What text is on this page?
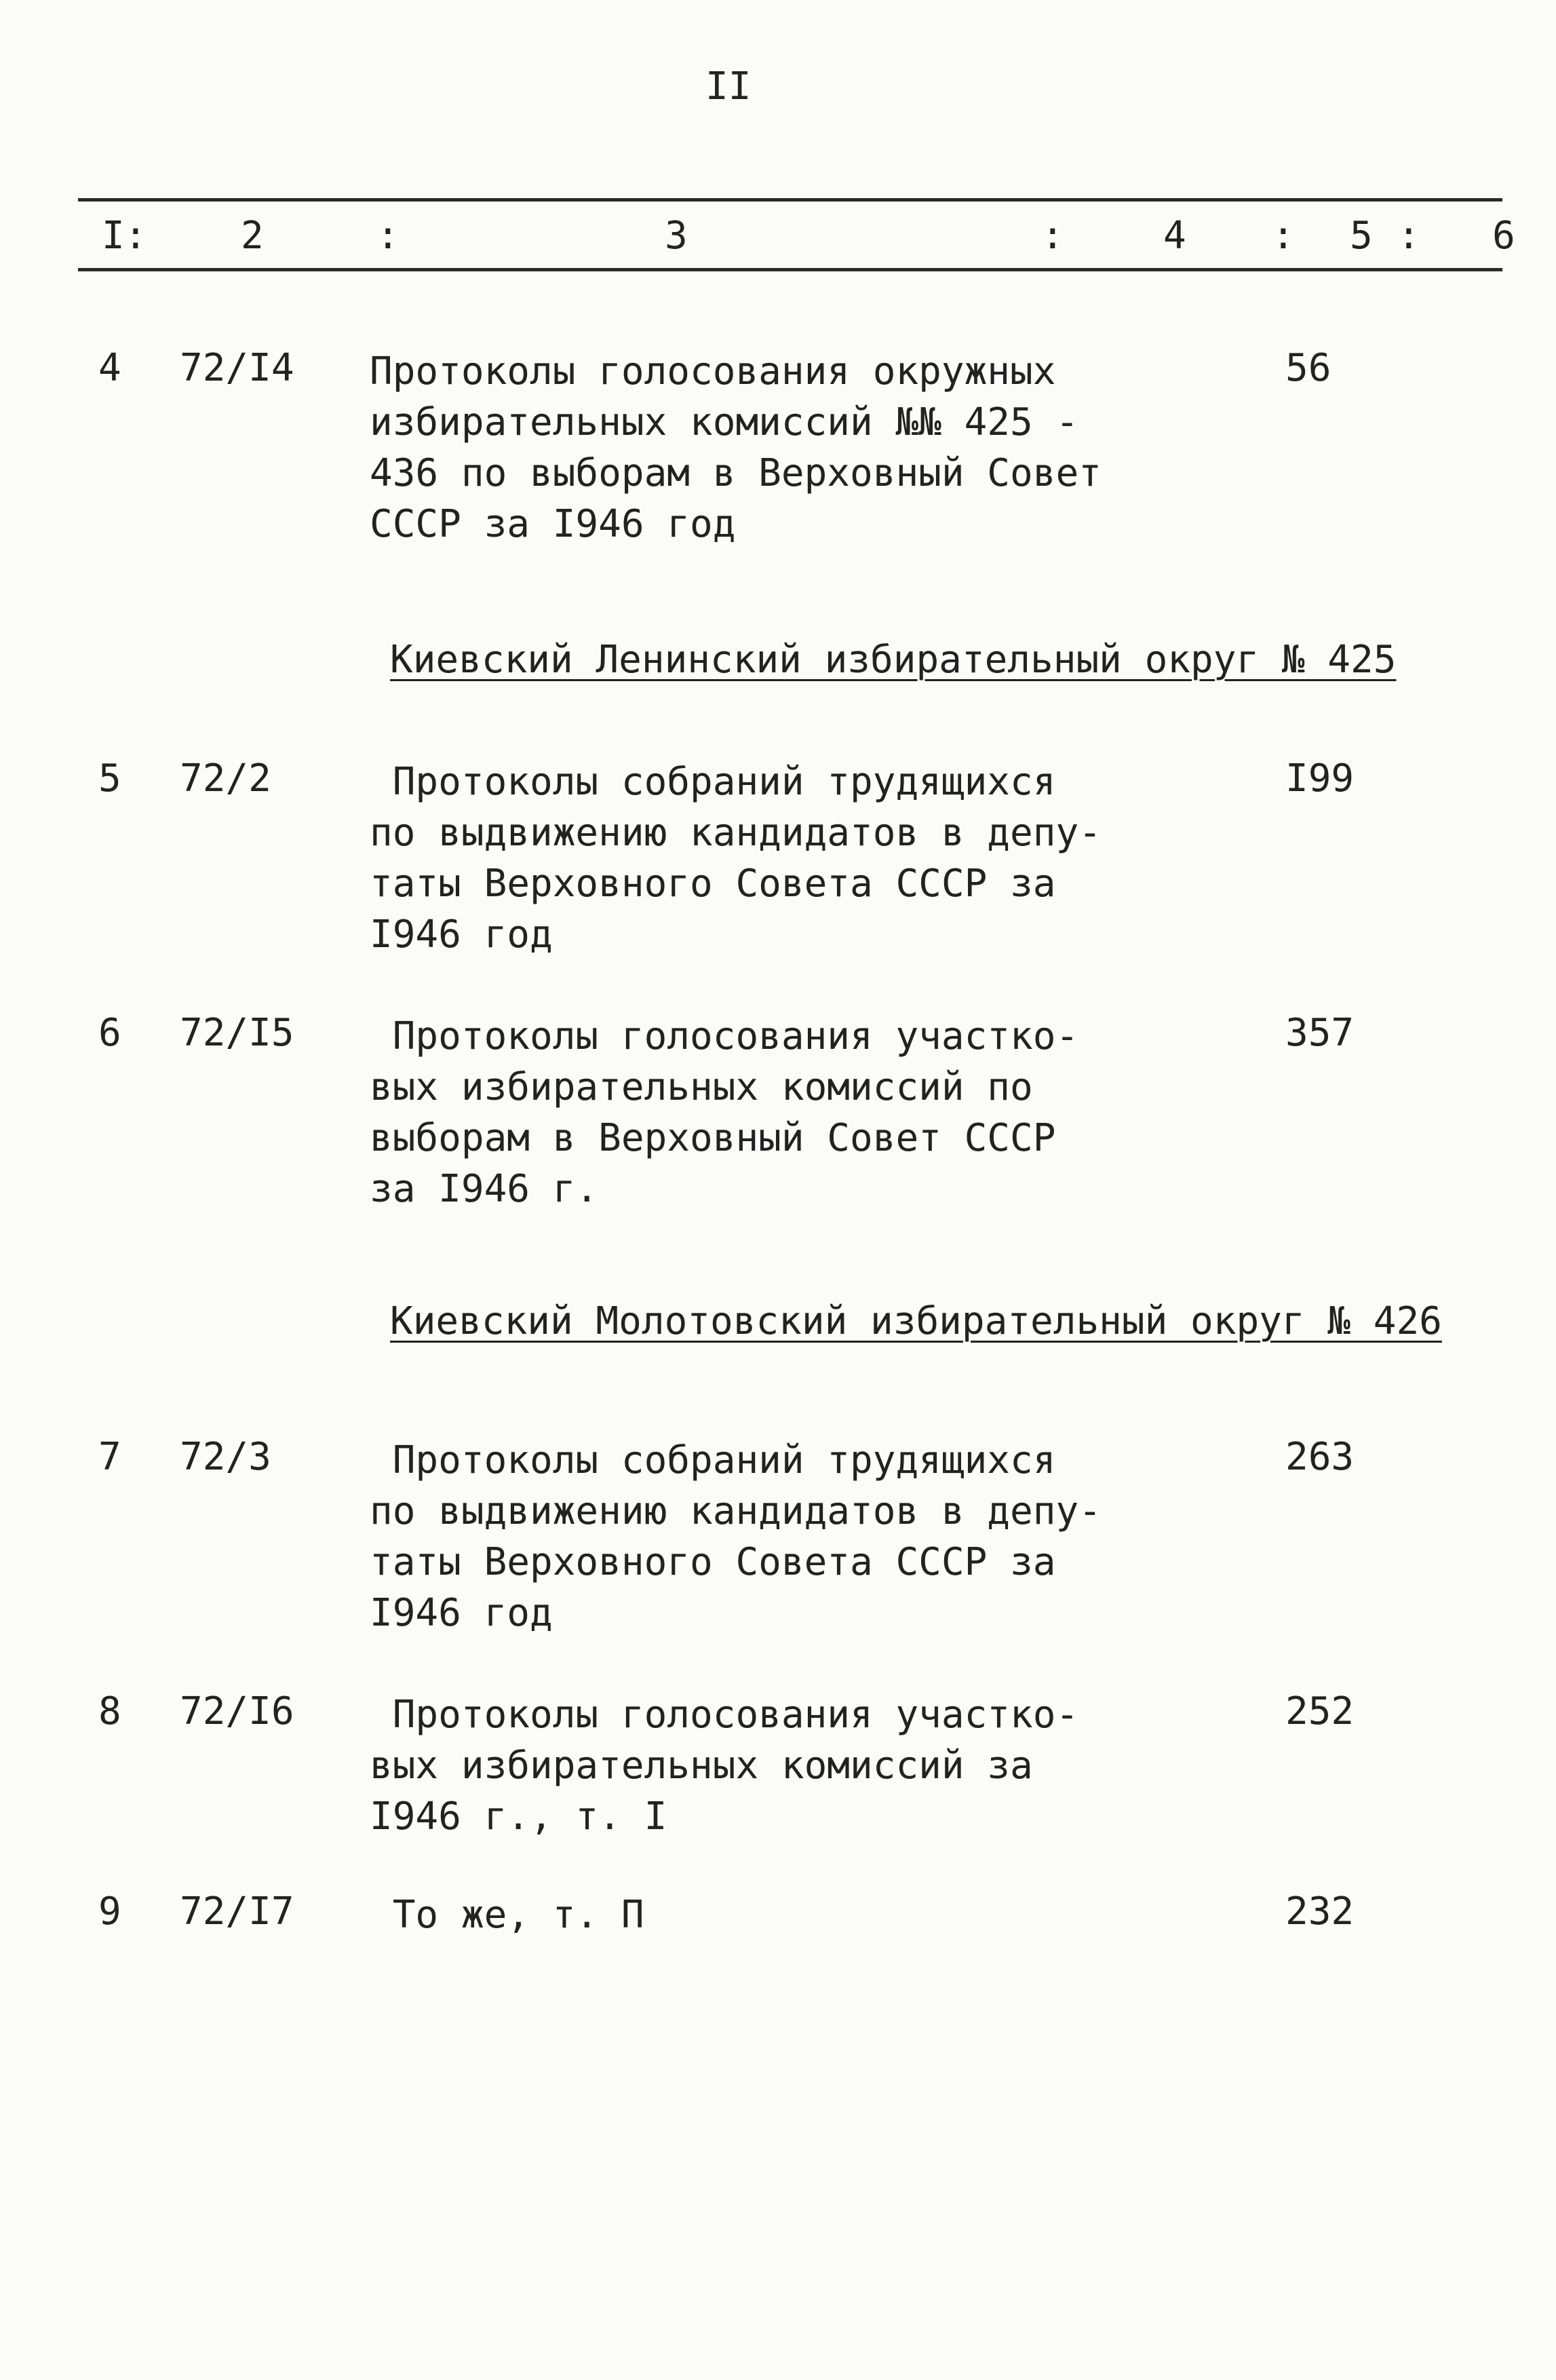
II
I : 2	:	3	:	4 : 5 : 6
4 72/I4 Протоколы голосования окружных
избирательных комиссий №№ 425 -
436 по выборам в Верховный Совет
СССР за I946 год
56
Киевский Ленинский избирательный округ № 425
5 72/2	Протоколы собраний трудящихся
по выдвижению кандидатов в депу-
таты Верховного Совета СССР за
I946 год
I99
6 72/I5	Протоколы голосования участко-
вых избирательных комиссий по
выборам в Верховный Совет СССР
за I946 г.
357
Киевский Молотовский избирательный округ № 426
7 72/3	Протоколы собраний трудящихся
по выдвижению кандидатов в депу-
таты Верховного Совета СССР за
I946 год
263
8 72/I6	Протоколы голосования участко-
вых избирательных комиссий за
I946 г., т. I
252
9 72/I7 То же, т. П	232
